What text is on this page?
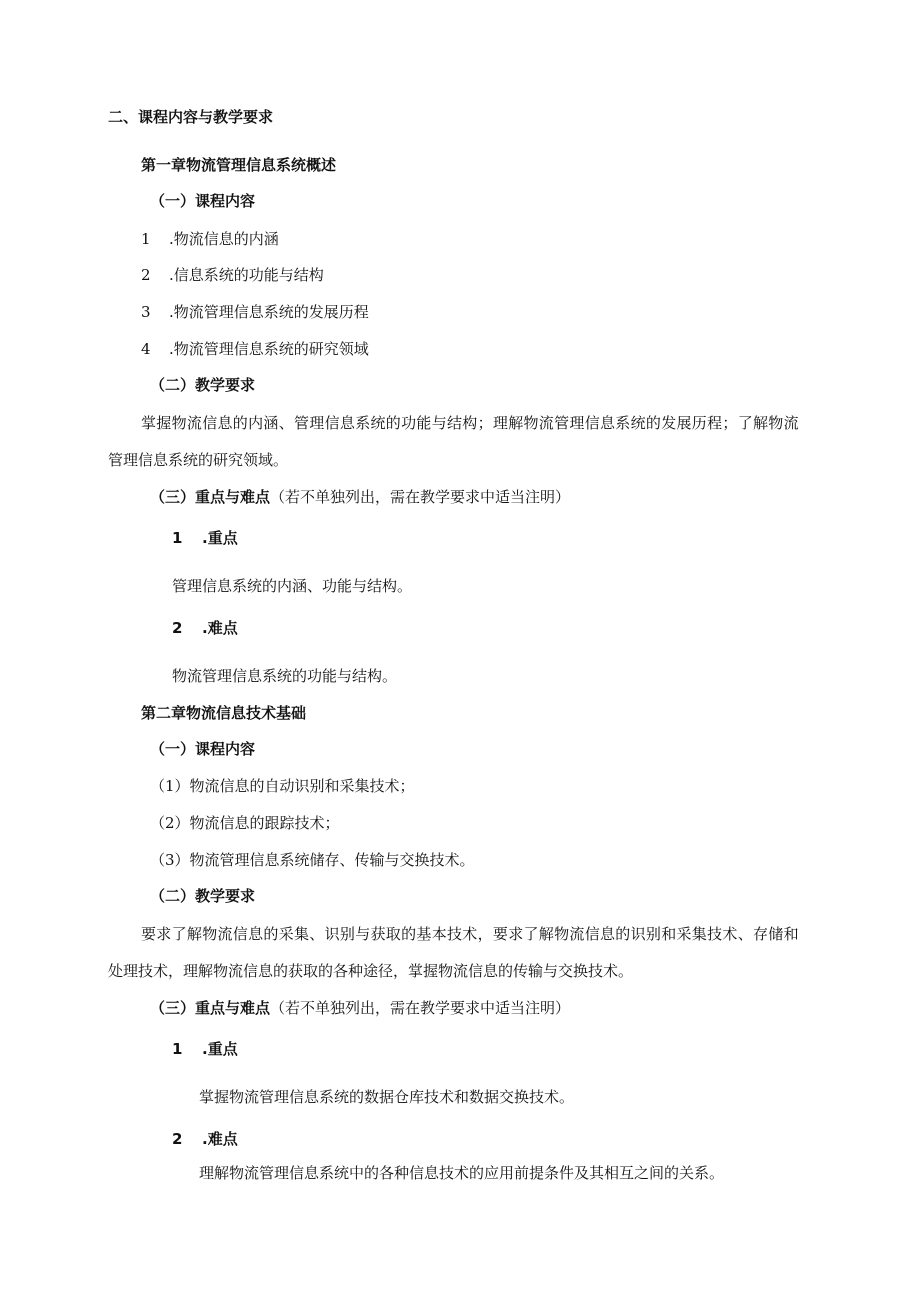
二、课程内容与教学要求
第一章物流管理信息系统概述
（一）课程内容
1 .物流信息的内涵
2 .信息系统的功能与结构
3 .物流管理信息系统的发展历程
4 .物流管理信息系统的研究领域
（二）教学要求
掌握物流信息的内涵、管理信息系统的功能与结构；理解物流管理信息系统的发展历程；了解物流
管理信息系统的研究领域。
（三）重点与难点（若不单独列出，需在教学要求中适当注明）
1 .重点
管理信息系统的内涵、功能与结构。
2 .难点
物流管理信息系统的功能与结构。
第二章物流信息技术基础
（一）课程内容
（1）物流信息的自动识别和采集技术；
（2）物流信息的跟踪技术；
（3）物流管理信息系统储存、传输与交换技术。
（二）教学要求
要求了解物流信息的采集、识别与获取的基本技术，要求了解物流信息的识别和采集技术、存储和
处理技术，理解物流信息的获取的各种途径，掌握物流信息的传输与交换技术。
（三）重点与难点（若不单独列出，需在教学要求中适当注明）
1 .重点
掌握物流管理信息系统的数据仓库技术和数据交换技术。
2 .难点
理解物流管理信息系统中的各种信息技术的应用前提条件及其相互之间的关系。
